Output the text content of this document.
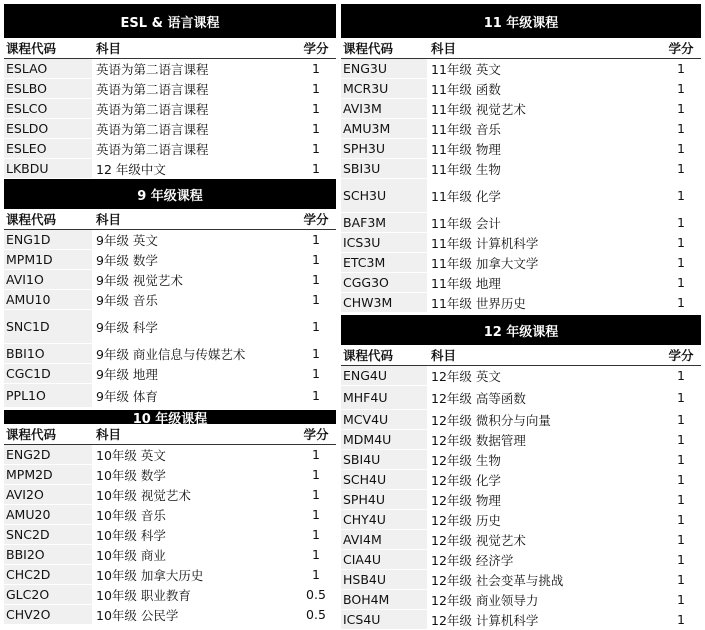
ESL & 语言课程
课程代码	科目	学分
ESLAO	英语为第二语言课程	1
ESLBO	英语为第二语言课程	1
ESLCO	英语为第二语言课程	1
ESLDO	英语为第二语言课程	1
ESLEO	英语为第二语言课程	1
LKBDU	12 年级中文	1
9 年级课程
课程代码	科目	学分
ENG1D	9年级 英文	1
MPM1D	9年级 数学	1
AVI1O	9年级 视觉艺术	1
AMU10	9年级 音乐	1
SNC1D	9年级 科学	1
BBI1O	9年级 商业信息与传媒艺术	1
CGC1D	9年级 地理	1
PPL1O	9年级 体育	1
10 年级课程
课程代码	科目	学分
ENG2D	10年级 英文	1
MPM2D	10年级 数学	1
AVI2O	10年级 视觉艺术	1
AMU20	10年级 音乐	1
SNC2D	10年级 科学	1
BBI2O	10年级 商业	1
CHC2D	10年级 加拿大历史	1
GLC2O	10年级 职业教育	0.5
CHV2O	10年级 公民学	0.5
11 年级课程
课程代码	科目	学分
ENG3U	11年级 英文	1
MCR3U	11年级 函数	1
AVI3M	11年级 视觉艺术	1
AMU3M	11年级 音乐	1
SPH3U	11年级 物理	1
SBI3U	11年级 生物	1
SCH3U	11年级 化学	1
BAF3M	11年级 会计	1
ICS3U	11年级 计算机科学	1
ETC3M	11年级 加拿大文学	1
CGG3O	11年级 地理	1
CHW3M	11年级 世界历史	1
12 年级课程
课程代码	科目	学分
ENG4U	12年级 英文	1
MHF4U	12年级 高等函数	1
MCV4U	12年级 微积分与向量	1
MDM4U	12年级 数据管理	1
SBI4U	12年级 生物	1
SCH4U	12年级 化学	1
SPH4U	12年级 物理	1
CHY4U	12年级 历史	1
AVI4M	12年级 视觉艺术	1
CIA4U	12年级 经济学	1
HSB4U	12年级 社会变革与挑战	1
BOH4M	12年级 商业领导力	1
ICS4U	12年级 计算机科学	1
